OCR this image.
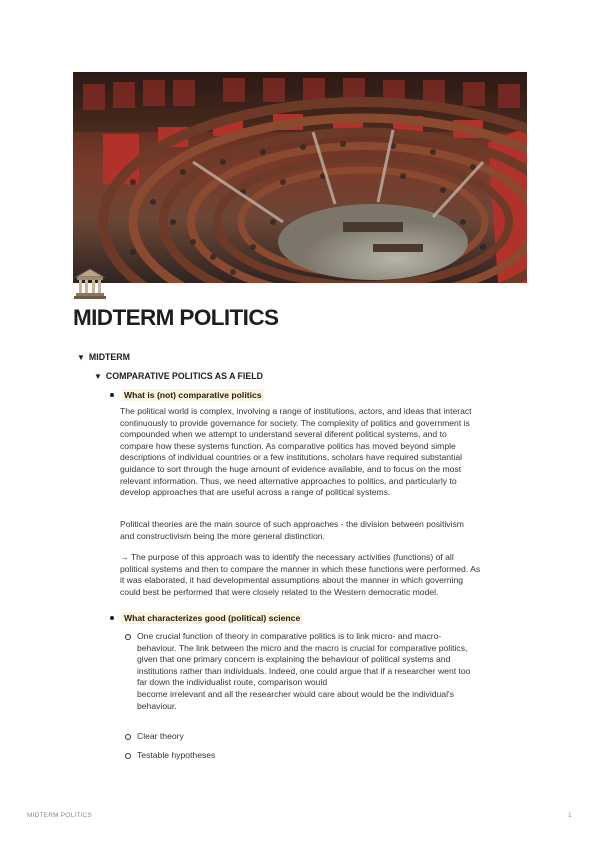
MIDTERM POLITICS
▼ MIDTERM
▼ COMPARATIVE POLITICS AS A FIELD
What is (not) comparative politics
The political world is complex, involving a range of institutions, actors, and ideas that interact
continuously to provide governance for society. The complexity of politics and government is
compounded when we attempt to understand several diferent political systems, and to
compare how these systems function. As comparative politics has moved beyond simple
descriptions of individual countries or a few institutions, scholars have required substantial
guidance to sort through the huge amount of evidence available, and to focus on the most
relevant information. Thus, we need alternative approaches to politics, and particularly to
develop approaches that are useful across a range of political systems.
Political theories are the main source of such approaches - the division between positivism
and constructivism being the more general distinction.
→ The purpose of this approach was to identify the necessary activities (functions) of all
political systems and then to compare the manner in which these functions were performed. As
it was elaborated, it had developmental assumptions about the manner in which governing
could best be performed that were closely related to the Western democratic model.
What characterizes good (political) science
One crucial function of theory in comparative politics is to link micro- and macro-
behaviour. The link between the micro and the macro is crucial for comparative politics,
given that one primary concern is explaining the behaviour of political systems and
institutions rather than individuals. Indeed, one could argue that if a researcher went too
far down the individualist route, comparison would
become irrelevant and all the researcher would care about would be the individual's
behaviour.
Clear theory
Testable hypotheses
MIDTERM POLITICS	1
